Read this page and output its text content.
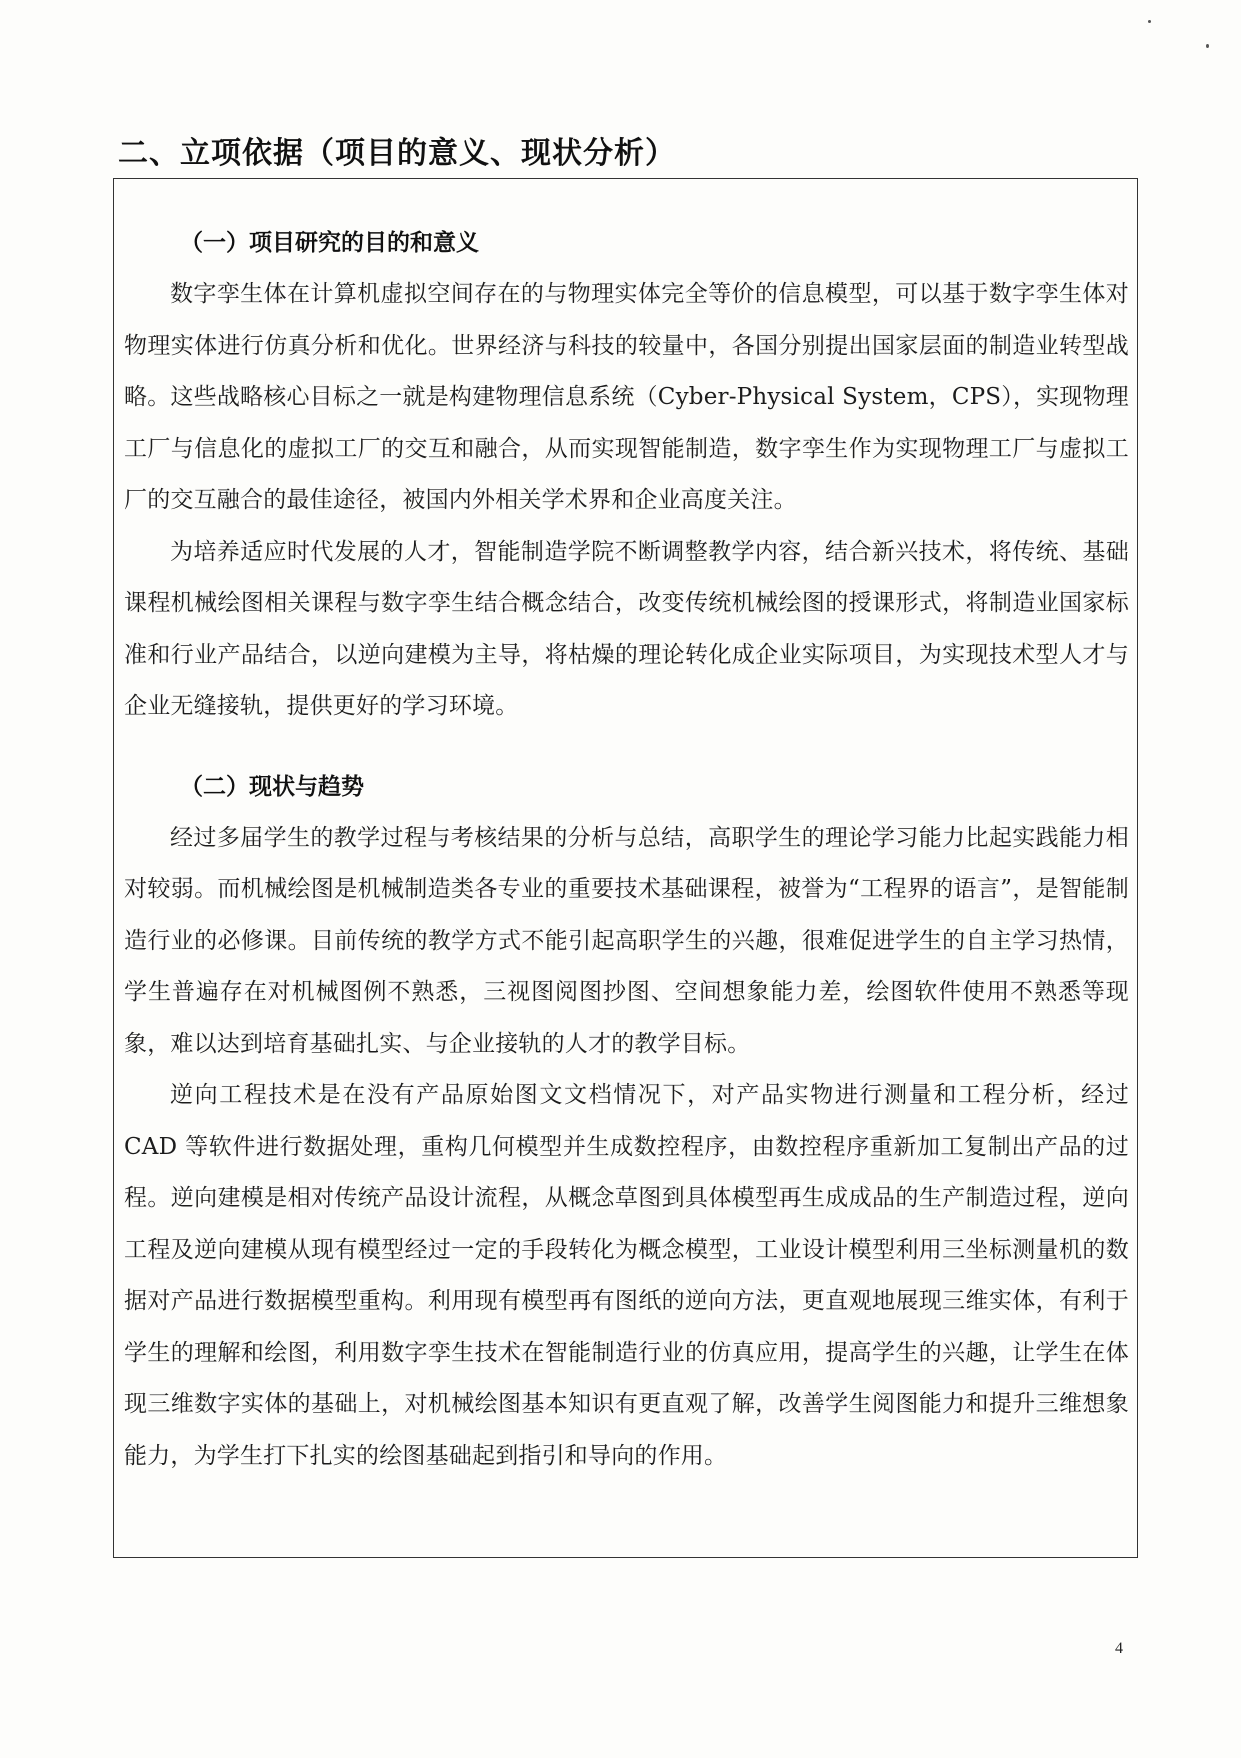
二、立项依据（项目的意义、现状分析）

（一）项目研究的目的和意义

数字孪生体在计算机虚拟空间存在的与物理实体完全等价的信息模型，可以基于数字孪生体对物理实体进行仿真分析和优化。世界经济与科技的较量中，各国分别提出国家层面的制造业转型战略。这些战略核心目标之一就是构建物理信息系统（Cyber-Physical System，CPS），实现物理工厂与信息化的虚拟工厂的交互和融合，从而实现智能制造，数字孪生作为实现物理工厂与虚拟工厂的交互融合的最佳途径，被国内外相关学术界和企业高度关注。

为培养适应时代发展的人才，智能制造学院不断调整教学内容，结合新兴技术，将传统、基础课程机械绘图相关课程与数字孪生结合概念结合，改变传统机械绘图的授课形式，将制造业国家标准和行业产品结合，以逆向建模为主导，将枯燥的理论转化成企业实际项目，为实现技术型人才与企业无缝接轨，提供更好的学习环境。

（二）现状与趋势

经过多届学生的教学过程与考核结果的分析与总结，高职学生的理论学习能力比起实践能力相对较弱。而机械绘图是机械制造类各专业的重要技术基础课程，被誉为“工程界的语言”，是智能制造行业的必修课。目前传统的教学方式不能引起高职学生的兴趣，很难促进学生的自主学习热情，学生普遍存在对机械图例不熟悉，三视图阅图抄图、空间想象能力差，绘图软件使用不熟悉等现象，难以达到培育基础扎实、与企业接轨的人才的教学目标。

逆向工程技术是在没有产品原始图文文档情况下，对产品实物进行测量和工程分析，经过 CAD 等软件进行数据处理，重构几何模型并生成数控程序，由数控程序重新加工复制出产品的过程。逆向建模是相对传统产品设计流程，从概念草图到具体模型再生成成品的生产制造过程，逆向工程及逆向建模从现有模型经过一定的手段转化为概念模型，工业设计模型利用三坐标测量机的数据对产品进行数据模型重构。利用现有模型再有图纸的逆向方法，更直观地展现三维实体，有利于学生的理解和绘图，利用数字孪生技术在智能制造行业的仿真应用，提高学生的兴趣，让学生在体现三维数字实体的基础上，对机械绘图基本知识有更直观了解，改善学生阅图能力和提升三维想象能力，为学生打下扎实的绘图基础起到指引和导向的作用。

4
